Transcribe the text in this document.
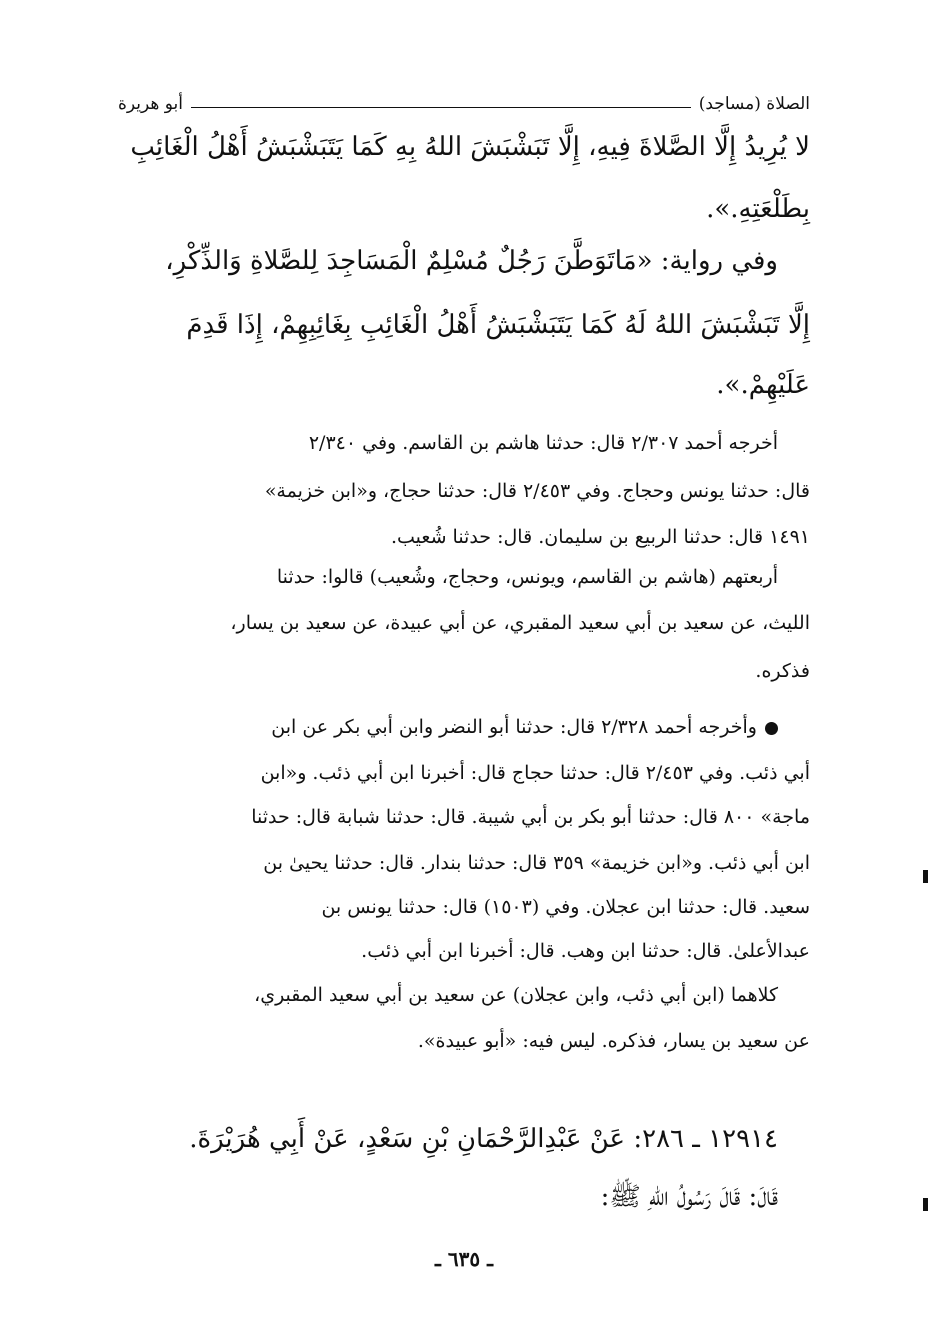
الصلاة (مساجد)
أبو هريرة
لا يُرِيدُ إِلَّا الصَّلاةَ فِيهِ، إِلَّا تَبَشْبَشَ اللهُ بِهِ كَمَا يَتَبَشْبَشُ أَهْلُ الْغَائِبِ
بِطَلْعَتِهِ.».
وفي رواية: «مَاتَوَطَّنَ رَجُلٌ مُسْلِمٌ الْمَسَاجِدَ لِلصَّلاةِ وَالذِّكْرِ،
إِلَّا تَبَشْبَشَ اللهُ لَهُ كَمَا يَتَبَشْبَشُ أَهْلُ الْغَائِبِ بِغَائِبِهِمْ، إِذَا قَدِمَ
عَلَيْهِمْ.».
أخرجه أحمد ٢/٣٠٧ قال: حدثنا هاشم بن القاسم. وفي ٢/٣٤٠
قال: حدثنا يونس وحجاج. وفي ٢/٤٥٣ قال: حدثنا حجاج، و«ابن خزيمة»
١٤٩١ قال: حدثنا الربيع بن سليمان. قال: حدثنا شُعيب.
أربعتهم (هاشم بن القاسم، ويونس، وحجاج، وشُعيب) قالوا: حدثنا
الليث، عن سعيد بن أبي سعيد المقبري، عن أبي عبيدة، عن سعيد بن يسار،
فذكره.
وأخرجه أحمد ٢/٣٢٨ قال: حدثنا أبو النضر وابن أبي بكر عن ابن
أبي ذئب. وفي ٢/٤٥٣ قال: حدثنا حجاج قال: أخبرنا ابن أبي ذئب. و«ابن
ماجة» ٨٠٠ قال: حدثنا أبو بكر بن أبي شيبة. قال: حدثنا شبابة قال: حدثنا
ابن أبي ذئب. و«ابن خزيمة» ٣٥٩ قال: حدثنا بندار. قال: حدثنا يحيىٰ بن
سعيد. قال: حدثنا ابن عجلان. وفي (١٥٠٣) قال: حدثنا يونس بن
عبدالأعلىٰ. قال: حدثنا ابن وهب. قال: أخبرنا ابن أبي ذئب.
كلاهما (ابن أبي ذئب، وابن عجلان) عن سعيد بن أبي سعيد المقبري،
عن سعيد بن يسار، فذكره. ليس فيه: «أبو عبيدة».
١٢٩١٤ ـ ٢٨٦: عَنْ عَبْدِالرَّحْمَانِ بْنِ سَعْدٍ، عَنْ أَبِي هُرَيْرَةَ.
قَالَ: قَالَ رَسُولُ اللهِ ﷺ:
ـ ٦٣٥ ـ
